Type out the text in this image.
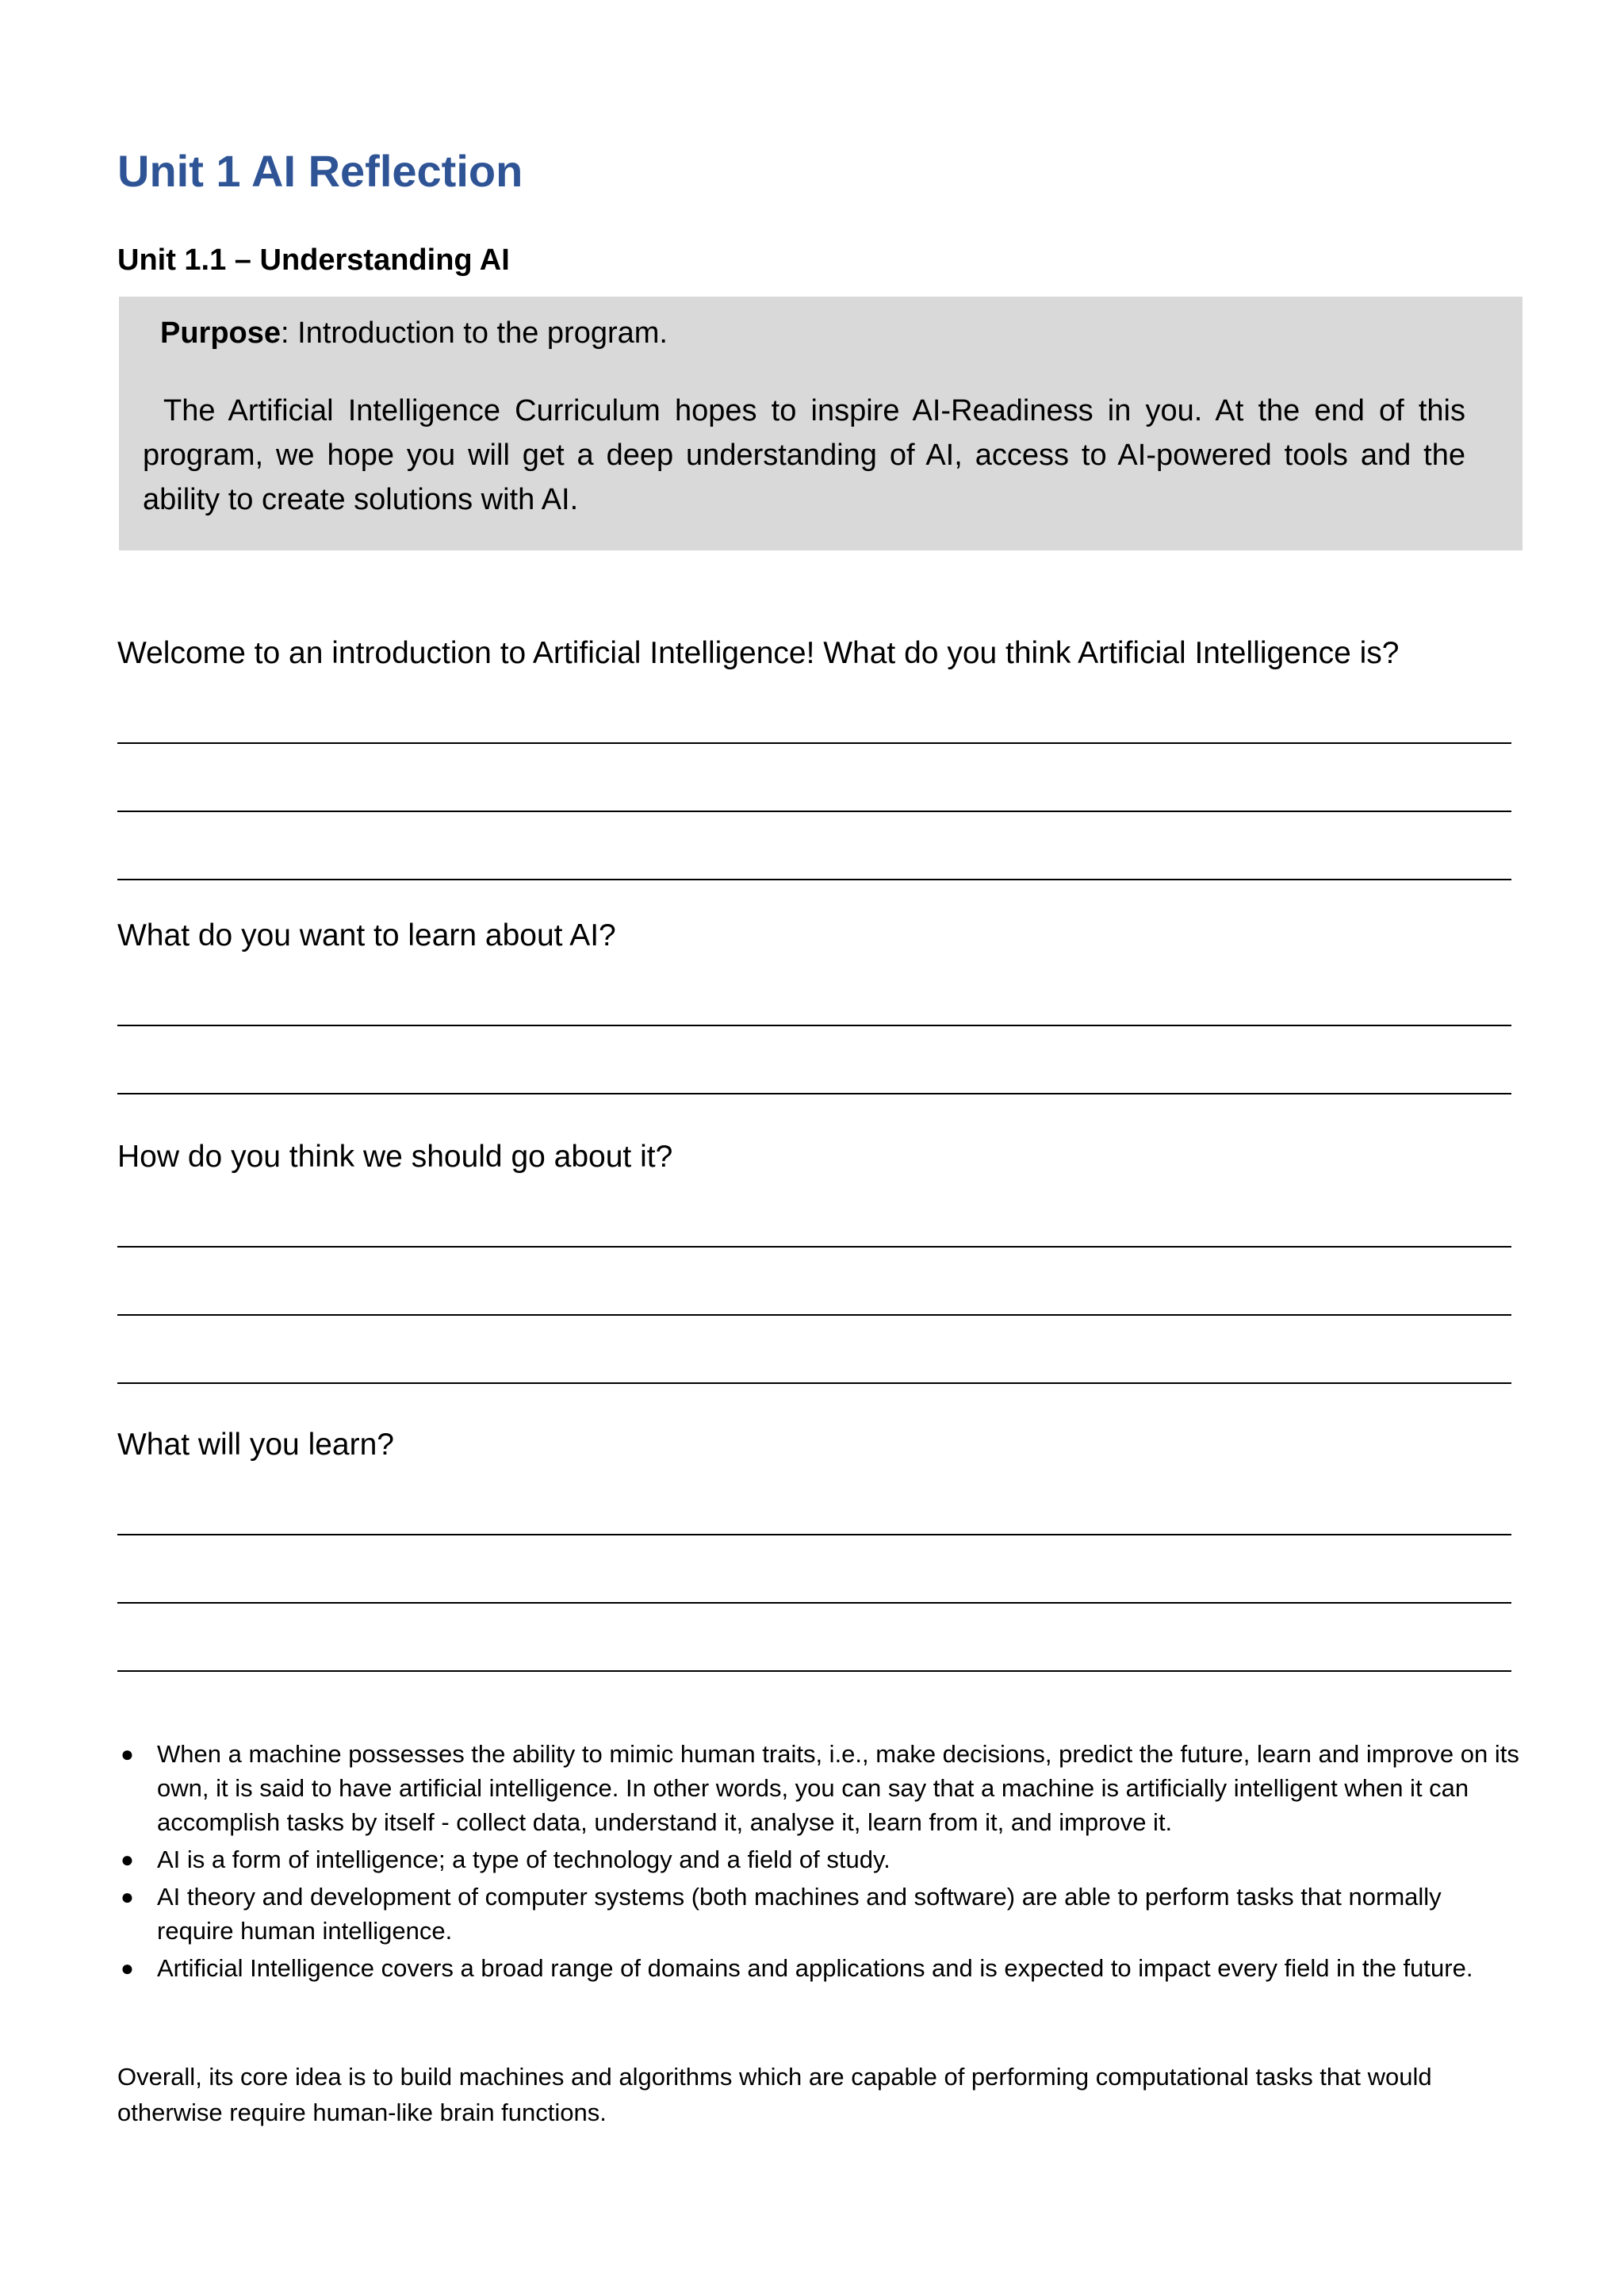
Unit 1 AI Reflection
Unit 1.1 – Understanding AI

Purpose: Introduction to the program.

The Artificial Intelligence Curriculum hopes to inspire AI-Readiness in you. At the end of this program, we hope you will get a deep understanding of AI, access to AI-powered tools and the ability to create solutions with AI.

Welcome to an introduction to Artificial Intelligence! What do you think Artificial Intelligence is?

What do you want to learn about AI?

How do you think we should go about it?

What will you learn?

● When a machine possesses the ability to mimic human traits, i.e., make decisions, predict the future, learn and improve on its own, it is said to have artificial intelligence. In other words, you can say that a machine is artificially intelligent when it can accomplish tasks by itself - collect data, understand it, analyse it, learn from it, and improve it.
● AI is a form of intelligence; a type of technology and a field of study.
● AI theory and development of computer systems (both machines and software) are able to perform tasks that normally require human intelligence.
● Artificial Intelligence covers a broad range of domains and applications and is expected to impact every field in the future.

Overall, its core idea is to build machines and algorithms which are capable of performing computational tasks that would otherwise require human-like brain functions.
